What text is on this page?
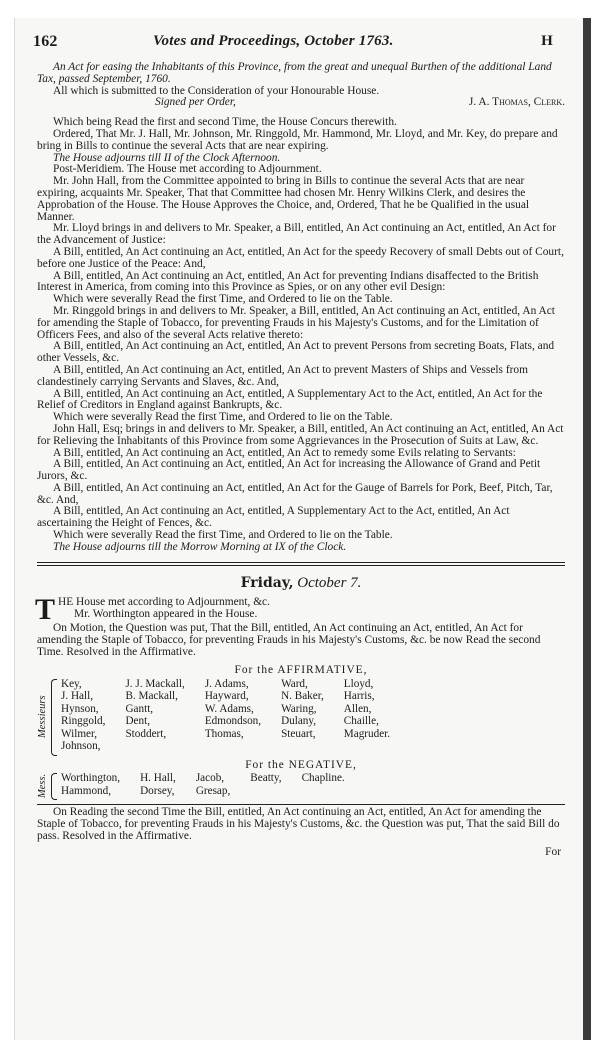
162	Votes and Proceedings, October 1763.	H

An Act for easing the Inhabitants of this Province, from the great and unequal Burthen of the additional Land Tax, passed September, 1760.

All which is submitted to the Consideration of your Honourable House.

Signed per Order,	J. A. Thomas, Clerk.

Which being Read the first and second Time, the House Concurs therewith.

Ordered, That Mr. J. Hall, Mr. Johnson, Mr. Ringgold, Mr. Hammond, Mr. Lloyd, and Mr. Key, do prepare and bring in Bills to continue the several Acts that are near expiring.

The House adjourns till II of the Clock Afternoon.

Post-Meridiem. The House met according to Adjournment.

Mr. John Hall, from the Committee appointed to bring in Bills to continue the several Acts that are near expiring, acquaints Mr. Speaker, That that Committee had chosen Mr. Henry Wilkins Clerk, and desires the Approbation of the House. The House Approves the Choice, and, Ordered, That he be Qualified in the usual Manner.

Mr. Lloyd brings in and delivers to Mr. Speaker, a Bill, entitled, An Act continuing an Act, entitled, An Act for the Advancement of Justice:

A Bill, entitled, An Act continuing an Act, entitled, An Act for the speedy Recovery of small Debts out of Court, before one Justice of the Peace: And,

A Bill, entitled, An Act continuing an Act, entitled, An Act for preventing Indians disaffected to the British Interest in America, from coming into this Province as Spies, or on any other evil Design:

Which were severally Read the first Time, and Ordered to lie on the Table.

Mr. Ringgold brings in and delivers to Mr. Speaker, a Bill, entitled, An Act continuing an Act, entitled, An Act for amending the Staple of Tobacco, for preventing Frauds in his Majesty's Customs, and for the Limitation of Officers Fees, and also of the several Acts relative thereto:

A Bill, entitled, An Act continuing an Act, entitled, An Act to prevent Persons from secreting Boats, Flats, and other Vessels, &c.

A Bill, entitled, An Act continuing an Act, entitled, An Act to prevent Masters of Ships and Vessels from clandestinely carrying Servants and Slaves, &c. And,

A Bill, entitled, An Act continuing an Act, entitled, A Supplementary Act to the Act, entitled, An Act for the Relief of Creditors in England against Bankrupts, &c.

Which were severally Read the first Time, and Ordered to lie on the Table.

John Hall, Esq; brings in and delivers to Mr. Speaker, a Bill, entitled, An Act continuing an Act, entitled, An Act for Relieving the Inhabitants of this Province from some Aggrievances in the Prosecution of Suits at Law, &c.

A Bill, entitled, An Act continuing an Act, entitled, An Act to remedy some Evils relating to Servants:

A Bill, entitled, An Act continuing an Act, entitled, An Act for increasing the Allowance of Grand and Petit Jurors, &c.

A Bill, entitled, An Act continuing an Act, entitled, An Act for the Gauge of Barrels for Pork, Beef, Pitch, Tar, &c. And,

A Bill, entitled, An Act continuing an Act, entitled, A Supplementary Act to the Act, entitled, An Act ascertaining the Height of Fences, &c.

Which were severally Read the first Time, and Ordered to lie on the Table.

The House adjourns till the Morrow Morning at IX of the Clock.

Friday, October 7.

T HE House met according to Adjournment, &c.

Mr. Worthington appeared in the House.

On Motion, the Question was put, That the Bill, entitled, An Act continuing an Act, entitled, An Act for amending the Staple of Tobacco, for preventing Frauds in his Majesty's Customs, &c. be now Read the second Time. Resolved in the Affirmative.

For the AFFIRMATIVE,
Messieurs
Key,	J. J. Mackall,	J. Adams,	Ward,	Lloyd,
J. Hall,	B. Mackall,	Hayward,	N. Baker,	Harris,
Hynson,	Gantt,	W. Adams,	Waring,	Allen,
Ringgold,	Dent,	Edmondson,	Dulany,	Chaille,
Wilmer,	Stoddert,	Thomas,	Steuart,	Magruder.
Johnson,				
For the NEGATIVE,
Mess. Worthington,	H. Hall,	Jacob,	Beatty,	Chapline.
Hammond,	Dorsey,	Gresap,		

On Reading the second Time the Bill, entitled, An Act continuing an Act, entitled, An Act for amending the Staple of Tobacco, for preventing Frauds in his Majesty's Customs, &c. the Question was put, That the said Bill do pass. Resolved in the Affirmative.

For
